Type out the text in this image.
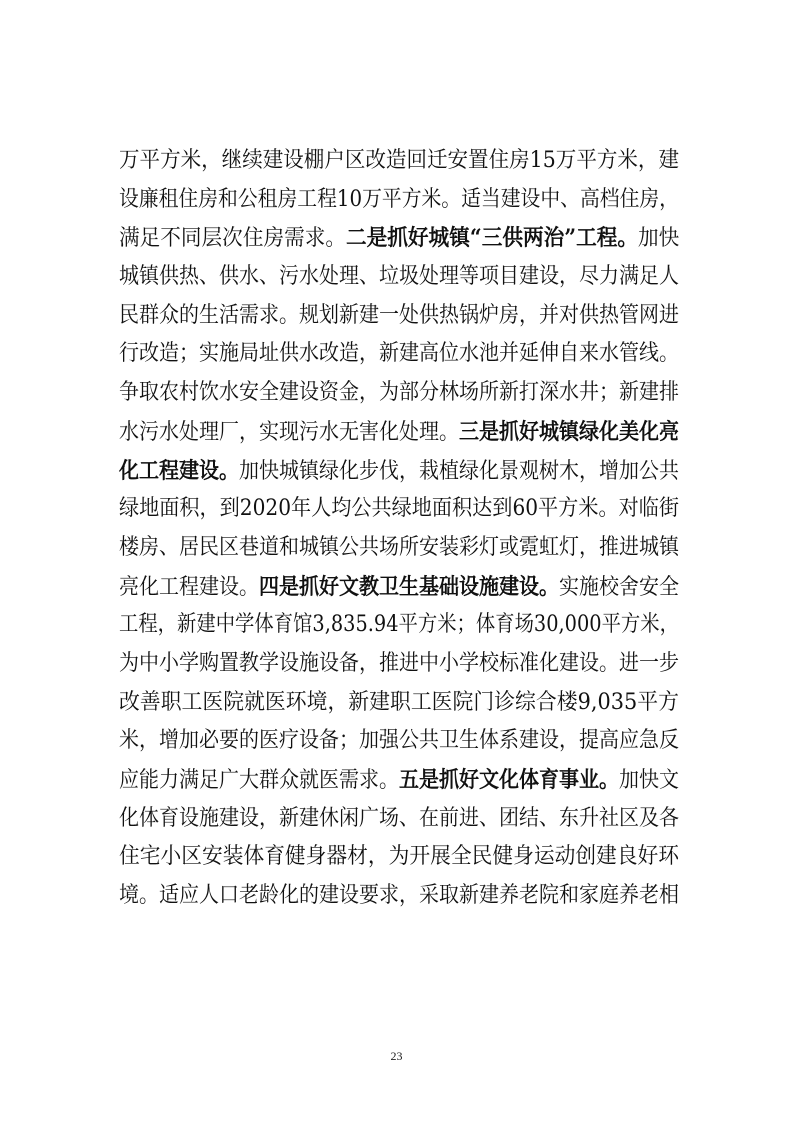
万平方米，继续建设棚户区改造回迁安置住房15万平方米，建
设廉租住房和公租房工程10万平方米。适当建设中、高档住房，
满足不同层次住房需求。二是抓好城镇“三供两治”工程。加快
城镇供热、供水、污水处理、垃圾处理等项目建设，尽力满足人
民群众的生活需求。规划新建一处供热锅炉房，并对供热管网进
行改造；实施局址供水改造，新建高位水池并延伸自来水管线。
争取农村饮水安全建设资金，为部分林场所新打深水井；新建排
水污水处理厂，实现污水无害化处理。三是抓好城镇绿化美化亮
化工程建设。加快城镇绿化步伐，栽植绿化景观树木，增加公共
绿地面积，到2020年人均公共绿地面积达到60平方米。对临街
楼房、居民区巷道和城镇公共场所安装彩灯或霓虹灯，推进城镇
亮化工程建设。四是抓好文教卫生基础设施建设。实施校舍安全
工程，新建中学体育馆3,835.94平方米；体育场30,000平方米，
为中小学购置教学设施设备，推进中小学校标准化建设。进一步
改善职工医院就医环境，新建职工医院门诊综合楼9,035平方
米，增加必要的医疗设备；加强公共卫生体系建设，提高应急反
应能力满足广大群众就医需求。五是抓好文化体育事业。加快文
化体育设施建设，新建休闲广场、在前进、团结、东升社区及各
住宅小区安装体育健身器材，为开展全民健身运动创建良好环
境。适应人口老龄化的建设要求，采取新建养老院和家庭养老相
23
